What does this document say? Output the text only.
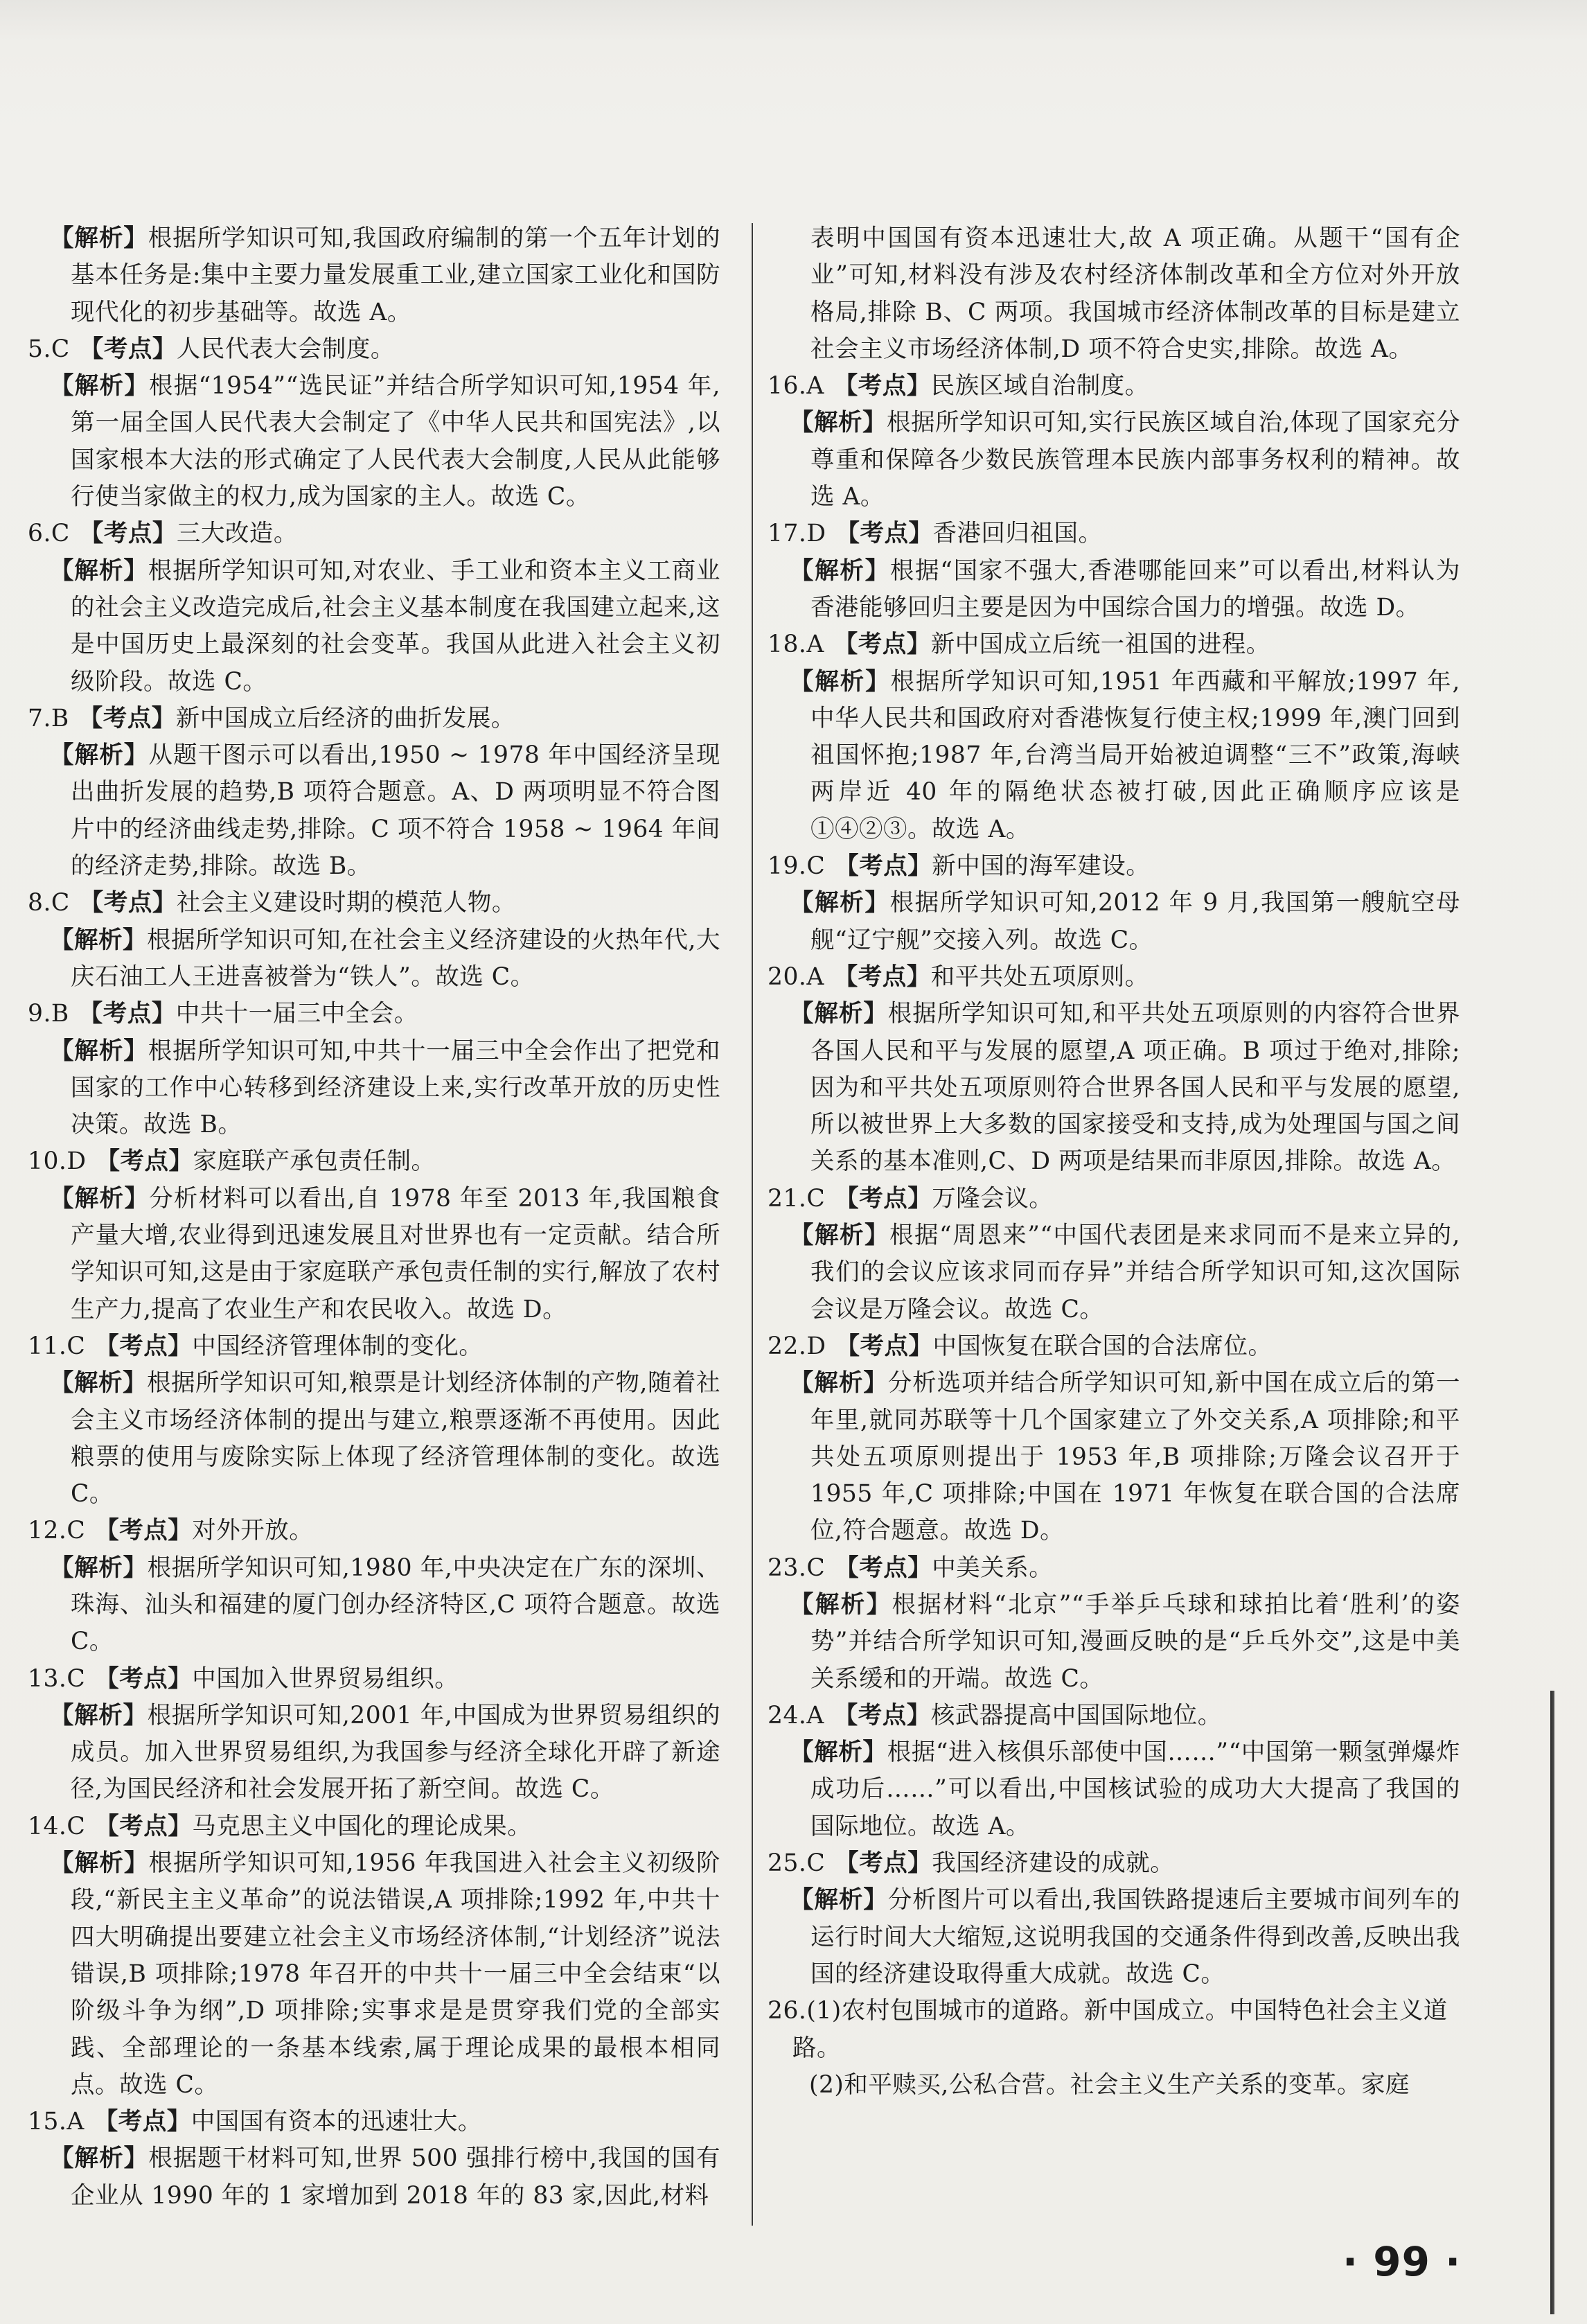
【解析】根据所学知识可知,我国政府编制的第一个五年计划的基本任务是:集中主要力量发展重工业,建立国家工业化和国防现代化的初步基础等。故选 A。

5.C 【考点】人民代表大会制度。

【解析】根据“1954”“选民证”并结合所学知识可知,1954 年,第一届全国人民代表大会制定了《中华人民共和国宪法》,以国家根本大法的形式确定了人民代表大会制度,人民从此能够行使当家做主的权力,成为国家的主人。故选 C。

6.C 【考点】三大改造。

【解析】根据所学知识可知,对农业、手工业和资本主义工商业的社会主义改造完成后,社会主义基本制度在我国建立起来,这是中国历史上最深刻的社会变革。我国从此进入社会主义初级阶段。故选 C。

7.B 【考点】新中国成立后经济的曲折发展。

【解析】从题干图示可以看出,1950 ~ 1978 年中国经济呈现出曲折发展的趋势,B 项符合题意。A、D 两项明显不符合图片中的经济曲线走势,排除。C 项不符合 1958 ~ 1964 年间的经济走势,排除。故选 B。

8.C 【考点】社会主义建设时期的模范人物。

【解析】根据所学知识可知,在社会主义经济建设的火热年代,大庆石油工人王进喜被誉为“铁人”。故选 C。

9.B 【考点】中共十一届三中全会。

【解析】根据所学知识可知,中共十一届三中全会作出了把党和国家的工作中心转移到经济建设上来,实行改革开放的历史性决策。故选 B。

10.D 【考点】家庭联产承包责任制。

【解析】分析材料可以看出,自 1978 年至 2013 年,我国粮食产量大增,农业得到迅速发展且对世界也有一定贡献。结合所学知识可知,这是由于家庭联产承包责任制的实行,解放了农村生产力,提高了农业生产和农民收入。故选 D。

11.C 【考点】中国经济管理体制的变化。

【解析】根据所学知识可知,粮票是计划经济体制的产物,随着社会主义市场经济体制的提出与建立,粮票逐渐不再使用。因此粮票的使用与废除实际上体现了经济管理体制的变化。故选 C。

12.C 【考点】对外开放。

【解析】根据所学知识可知,1980 年,中央决定在广东的深圳、珠海、汕头和福建的厦门创办经济特区,C 项符合题意。故选 C。

13.C 【考点】中国加入世界贸易组织。

【解析】根据所学知识可知,2001 年,中国成为世界贸易组织的成员。加入世界贸易组织,为我国参与经济全球化开辟了新途径,为国民经济和社会发展开拓了新空间。故选 C。

14.C 【考点】马克思主义中国化的理论成果。

【解析】根据所学知识可知,1956 年我国进入社会主义初级阶段,“新民主主义革命”的说法错误,A 项排除;1992 年,中共十四大明确提出要建立社会主义市场经济体制,“计划经济”说法错误,B 项排除;1978 年召开的中共十一届三中全会结束“以阶级斗争为纲”,D 项排除;实事求是是贯穿我们党的全部实践、全部理论的一条基本线索,属于理论成果的最根本相同点。故选 C。

15.A 【考点】中国国有资本的迅速壮大。

【解析】根据题干材料可知,世界 500 强排行榜中,我国的国有企业从 1990 年的 1 家增加到 2018 年的 83 家,因此,材料

表明中国国有资本迅速壮大,故 A 项正确。从题干“国有企业”可知,材料没有涉及农村经济体制改革和全方位对外开放格局,排除 B、C 两项。我国城市经济体制改革的目标是建立社会主义市场经济体制,D 项不符合史实,排除。故选 A。

16.A 【考点】民族区域自治制度。

【解析】根据所学知识可知,实行民族区域自治,体现了国家充分尊重和保障各少数民族管理本民族内部事务权利的精神。故选 A。

17.D 【考点】香港回归祖国。

【解析】根据“国家不强大,香港哪能回来”可以看出,材料认为香港能够回归主要是因为中国综合国力的增强。故选 D。

18.A 【考点】新中国成立后统一祖国的进程。

【解析】根据所学知识可知,1951 年西藏和平解放;1997 年,中华人民共和国政府对香港恢复行使主权;1999 年,澳门回到祖国怀抱;1987 年,台湾当局开始被迫调整“三不”政策,海峡两岸近 40 年的隔绝状态被打破,因此正确顺序应该是①④②③。故选 A。

19.C 【考点】新中国的海军建设。

【解析】根据所学知识可知,2012 年 9 月,我国第一艘航空母舰“辽宁舰”交接入列。故选 C。

20.A 【考点】和平共处五项原则。

【解析】根据所学知识可知,和平共处五项原则的内容符合世界各国人民和平与发展的愿望,A 项正确。B 项过于绝对,排除;因为和平共处五项原则符合世界各国人民和平与发展的愿望,所以被世界上大多数的国家接受和支持,成为处理国与国之间关系的基本准则,C、D 两项是结果而非原因,排除。故选 A。

21.C 【考点】万隆会议。

【解析】根据“周恩来”“中国代表团是来求同而不是来立异的,我们的会议应该求同而存异”并结合所学知识可知,这次国际会议是万隆会议。故选 C。

22.D 【考点】中国恢复在联合国的合法席位。

【解析】分析选项并结合所学知识可知,新中国在成立后的第一年里,就同苏联等十几个国家建立了外交关系,A 项排除;和平共处五项原则提出于 1953 年,B 项排除;万隆会议召开于 1955 年,C 项排除;中国在 1971 年恢复在联合国的合法席位,符合题意。故选 D。

23.C 【考点】中美关系。

【解析】根据材料“北京”“手举乒乓球和球拍比着‘胜利’的姿势”并结合所学知识可知,漫画反映的是“乒乓外交”,这是中美关系缓和的开端。故选 C。

24.A 【考点】核武器提高中国国际地位。

【解析】根据“进入核俱乐部使中国……”“中国第一颗氢弹爆炸成功后……”可以看出,中国核试验的成功大大提高了我国的国际地位。故选 A。

25.C 【考点】我国经济建设的成就。

【解析】分析图片可以看出,我国铁路提速后主要城市间列车的运行时间大大缩短,这说明我国的交通条件得到改善,反映出我国的经济建设取得重大成就。故选 C。

26.(1)农村包围城市的道路。新中国成立。中国特色社会主义道路。

(2)和平赎买,公私合营。社会主义生产关系的变革。家庭

· 99 ·
